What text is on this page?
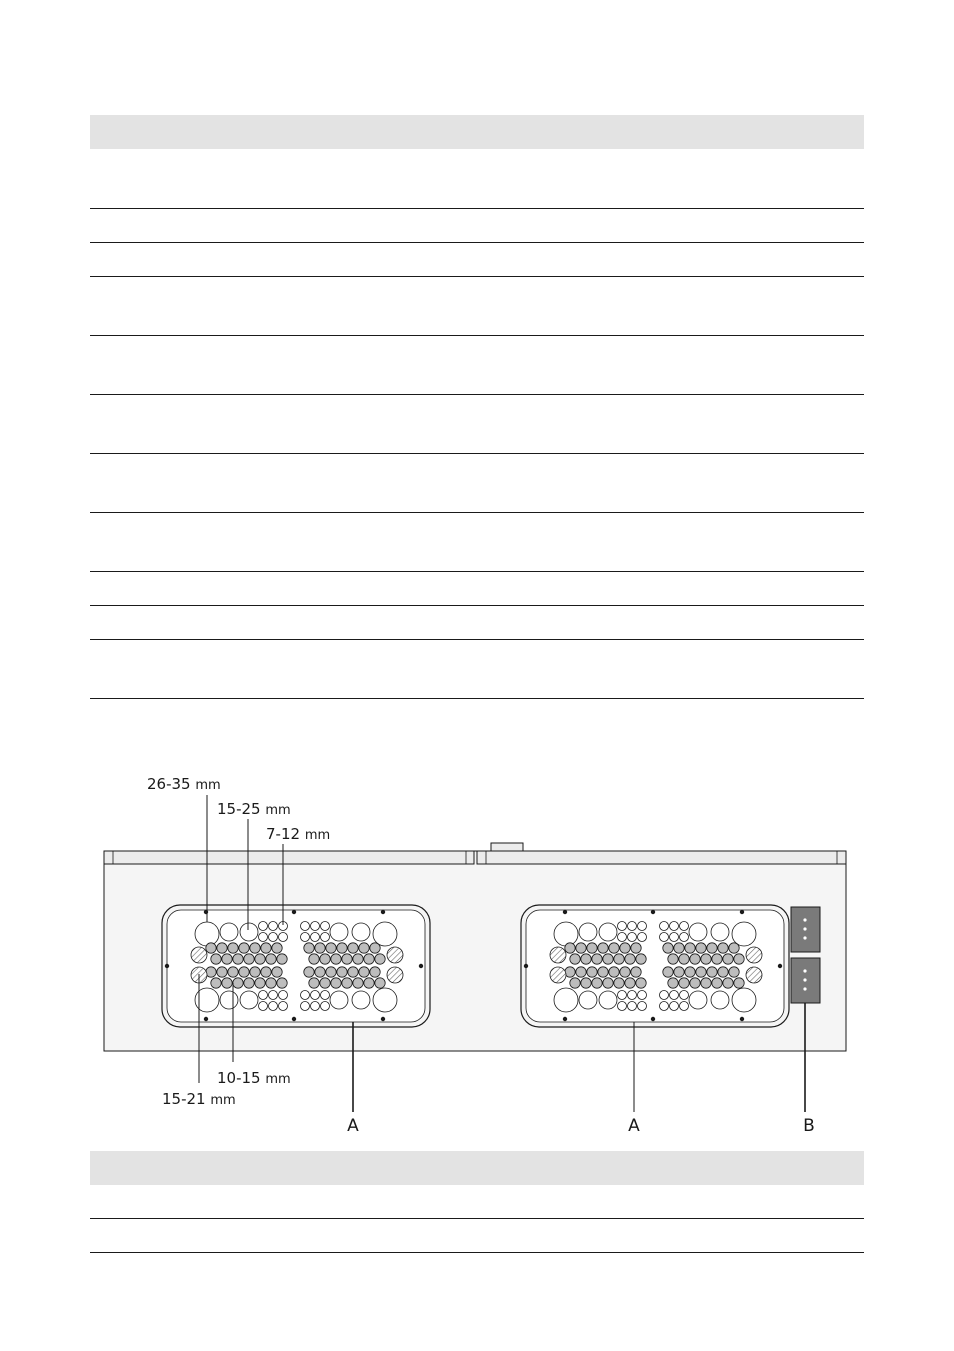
26-35 mm
15-25 mm
7-12 mm
10-15 mm
15-21 mm
A	A	B
